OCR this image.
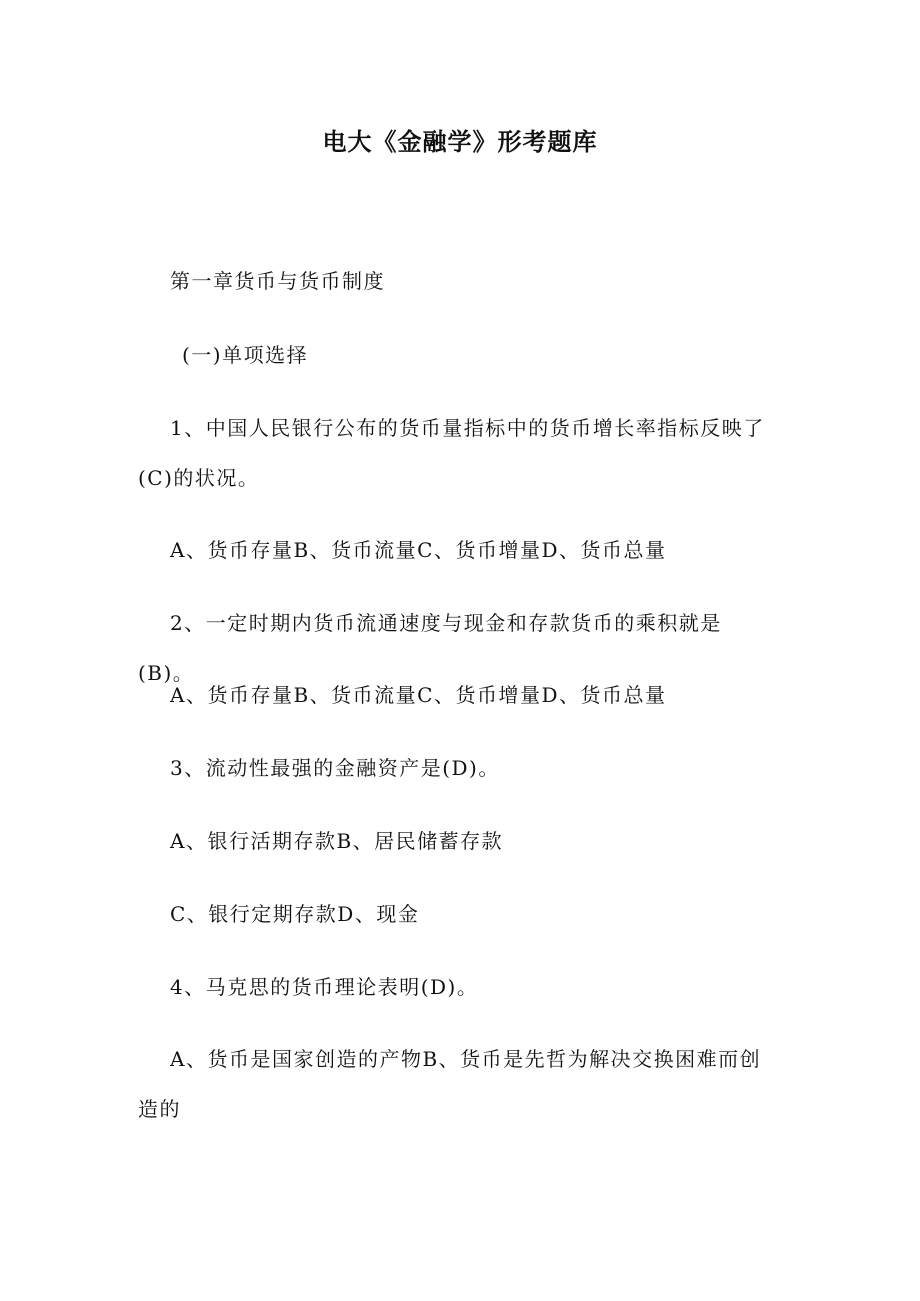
电大《金融学》形考题库
第一章货币与货币制度
(一)单项选择
1、中国人民银行公布的货币量指标中的货币增长率指标反映了(C)的状况。
A、货币存量B、货币流量C、货币增量D、货币总量
2、一定时期内货币流通速度与现金和存款货币的乘积就是(B)。
A、货币存量B、货币流量C、货币增量D、货币总量
3、流动性最强的金融资产是(D)。
A、银行活期存款B、居民储蓄存款
C、银行定期存款D、现金
4、马克思的货币理论表明(D)。
A、货币是国家创造的产物B、货币是先哲为解决交换困难而创造的
